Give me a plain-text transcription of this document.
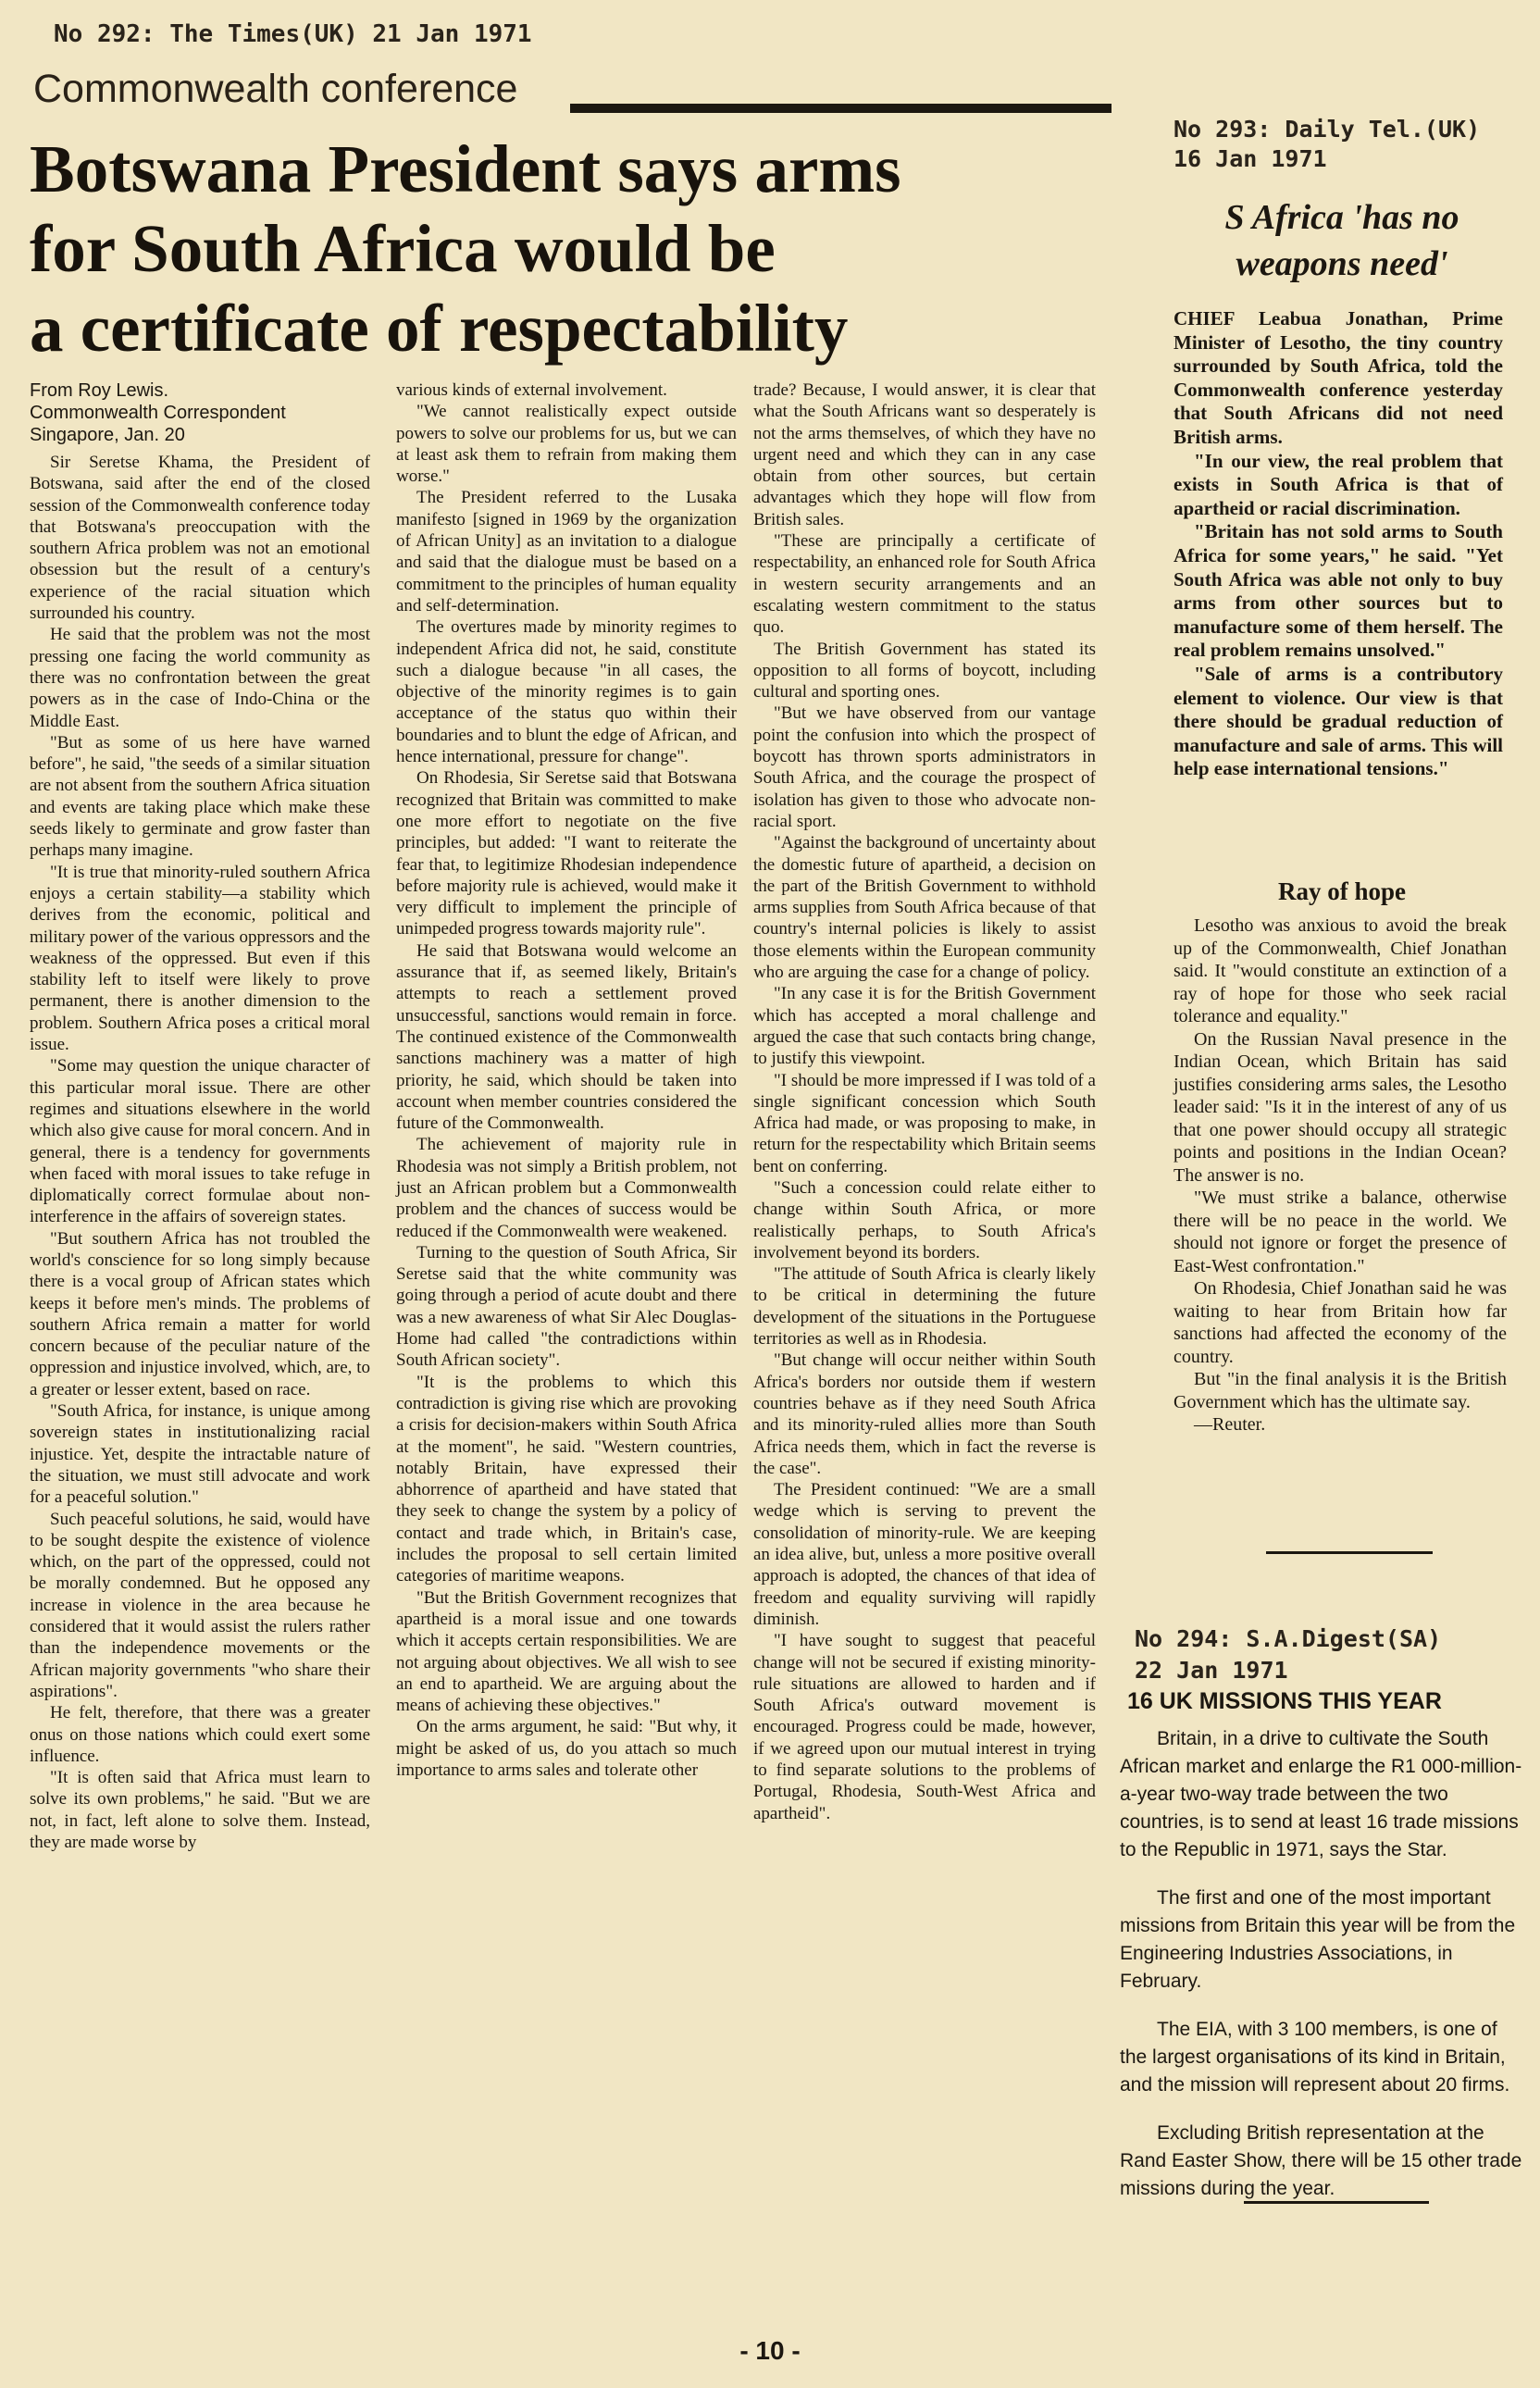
No 292: The Times(UK) 21 Jan 1971
Commonwealth conference
Botswana President says arms
for South Africa would be
a certificate of respectability

From Roy Lewis.
Commonwealth Correspondent
Singapore, Jan. 20

Sir Seretse Khama, the President of Botswana, said after the end of the closed session of the Commonwealth conference today that Botswana's preoccupation with the southern Africa problem was not an emotional obsession but the result of a century's experience of the racial situation which surrounded his country.

He said that the problem was not the most pressing one facing the world community as there was no confrontation between the great powers as in the case of Indo-China or the Middle East.

"But as some of us here have warned before", he said, "the seeds of a similar situation are not absent from the southern Africa situation and events are taking place which make these seeds likely to germinate and grow faster than perhaps many imagine.

"It is true that minority-ruled southern Africa enjoys a certain stability—a stability which derives from the economic, political and military power of the various oppressors and the weakness of the oppressed. But even if this stability left to itself were likely to prove permanent, there is another dimension to the problem. Southern Africa poses a critical moral issue.

"Some may question the unique character of this particular moral issue. There are other regimes and situations elsewhere in the world which also give cause for moral concern. And in general, there is a tendency for governments when faced with moral issues to take refuge in diplomatically correct formulae about non-interference in the affairs of sovereign states.

"But southern Africa has not troubled the world's conscience for so long simply because there is a vocal group of African states which keeps it before men's minds. The problems of southern Africa remain a matter for world concern because of the peculiar nature of the oppression and injustice involved, which, are, to a greater or lesser extent, based on race.

"South Africa, for instance, is unique among sovereign states in institutionalizing racial injustice. Yet, despite the intractable nature of the situation, we must still advocate and work for a peaceful solution."

Such peaceful solutions, he said, would have to be sought despite the existence of violence which, on the part of the oppressed, could not be morally condemned. But he opposed any increase in violence in the area because he considered that it would assist the rulers rather than the independence movements or the African majority governments "who share their aspirations".

He felt, therefore, that there was a greater onus on those nations which could exert some influence.

"It is often said that Africa must learn to solve its own problems," he said. "But we are not, in fact, left alone to solve them. Instead, they are made worse by

various kinds of external involvement.

"We cannot realistically expect outside powers to solve our problems for us, but we can at least ask them to refrain from making them worse."

The President referred to the Lusaka manifesto [signed in 1969 by the organization of African Unity] as an invitation to a dialogue and said that the dialogue must be based on a commitment to the principles of human equality and self-determination.

The overtures made by minority regimes to independent Africa did not, he said, constitute such a dialogue because "in all cases, the objective of the minority regimes is to gain acceptance of the status quo within their boundaries and to blunt the edge of African, and hence international, pressure for change".

On Rhodesia, Sir Seretse said that Botswana recognized that Britain was committed to make one more effort to negotiate on the five principles, but added: "I want to reiterate the fear that, to legitimize Rhodesian independence before majority rule is achieved, would make it very difficult to implement the principle of unimpeded progress towards majority rule".

He said that Botswana would welcome an assurance that if, as seemed likely, Britain's attempts to reach a settlement proved unsuccessful, sanctions would remain in force. The continued existence of the Commonwealth sanctions machinery was a matter of high priority, he said, which should be taken into account when member countries considered the future of the Commonwealth.

The achievement of majority rule in Rhodesia was not simply a British problem, not just an African problem but a Commonwealth problem and the chances of success would be reduced if the Commonwealth were weakened.

Turning to the question of South Africa, Sir Seretse said that the white community was going through a period of acute doubt and there was a new awareness of what Sir Alec Douglas-Home had called "the contradictions within South African society".

"It is the problems to which this contradiction is giving rise which are provoking a crisis for decision-makers within South Africa at the moment", he said. "Western countries, notably Britain, have expressed their abhorrence of apartheid and have stated that they seek to change the system by a policy of contact and trade which, in Britain's case, includes the proposal to sell certain limited categories of maritime weapons.

"But the British Government recognizes that apartheid is a moral issue and one towards which it accepts certain responsibilities. We are not arguing about objectives. We all wish to see an end to apartheid. We are arguing about the means of achieving these objectives."

On the arms argument, he said: "But why, it might be asked of us, do you attach so much importance to arms sales and tolerate other

trade? Because, I would answer, it is clear that what the South Africans want so desperately is not the arms themselves, of which they have no urgent need and which they can in any case obtain from other sources, but certain advantages which they hope will flow from British sales.

"These are principally a certificate of respectability, an enhanced role for South Africa in western security arrangements and an escalating western commitment to the status quo.

The British Government has stated its opposition to all forms of boycott, including cultural and sporting ones.

"But we have observed from our vantage point the confusion into which the prospect of boycott has thrown sports administrators in South Africa, and the courage the prospect of isolation has given to those who advocate non-racial sport.

"Against the background of uncertainty about the domestic future of apartheid, a decision on the part of the British Government to withhold arms supplies from South Africa because of that country's internal policies is likely to assist those elements within the European community who are arguing the case for a change of policy.

"In any case it is for the British Government which has accepted a moral challenge and argued the case that such contacts bring change, to justify this viewpoint.

"I should be more impressed if I was told of a single significant concession which South Africa had made, or was proposing to make, in return for the respectability which Britain seems bent on conferring.

"Such a concession could relate either to change within South Africa, or more realistically perhaps, to South Africa's involvement beyond its borders.

"The attitude of South Africa is clearly likely to be critical in determining the future development of the situations in the Portuguese territories as well as in Rhodesia.

"But change will occur neither within South Africa's borders nor outside them if western countries behave as if they need South Africa and its minority-ruled allies more than South Africa needs them, which in fact the reverse is the case".

The President continued: "We are a small wedge which is serving to prevent the consolidation of minority-rule. We are keeping an idea alive, but, unless a more positive overall approach is adopted, the chances of that idea of freedom and equality surviving will rapidly diminish.

"I have sought to suggest that peaceful change will not be secured if existing minority-rule situations are allowed to harden and if South Africa's outward movement is encouraged. Progress could be made, however, if we agreed upon our mutual interest in trying to find separate solutions to the problems of Portugal, Rhodesia, South-West Africa and apartheid".

No 293: Daily Tel.(UK)
16 Jan 1971
S Africa 'has no
weapons need'

CHIEF Leabua Jonathan, Prime Minister of Lesotho, the tiny country surrounded by South Africa, told the Commonwealth conference yesterday that South Africans did not need British arms.

"In our view, the real problem that exists in South Africa is that of apartheid or racial discrimination.

"Britain has not sold arms to South Africa for some years," he said. "Yet South Africa was able not only to buy arms from other sources but to manufacture some of them herself. The real problem remains unsolved."

"Sale of arms is a contributory element to violence. Our view is that there should be gradual reduction of manufacture and sale of arms. This will help ease international tensions."

Ray of hope

Lesotho was anxious to avoid the break up of the Commonwealth, Chief Jonathan said. It "would constitute an extinction of a ray of hope for those who seek racial tolerance and equality."

On the Russian Naval presence in the Indian Ocean, which Britain has said justifies considering arms sales, the Lesotho leader said: "Is it in the interest of any of us that one power should occupy all strategic points and positions in the Indian Ocean? The answer is no.

"We must strike a balance, otherwise there will be no peace in the world. We should not ignore or forget the presence of East-West confrontation."

On Rhodesia, Chief Jonathan said he was waiting to hear from Britain how far sanctions had affected the economy of the country.

But "in the final analysis it is the British Government which has the ultimate say.

—Reuter.

No 294: S.A.Digest(SA)
22 Jan 1971
16 UK MISSIONS THIS YEAR

Britain, in a drive to cultivate the South African market and enlarge the R1 000-million-a-year two-way trade between the two countries, is to send at least 16 trade missions to the Republic in 1971, says the Star.

The first and one of the most important missions from Britain this year will be from the Engineering Industries Associations, in February.

The EIA, with 3 100 members, is one of the largest organisations of its kind in Britain, and the mission will represent about 20 firms.

Excluding British representation at the Rand Easter Show, there will be 15 other trade missions during the year.

- 10 -
